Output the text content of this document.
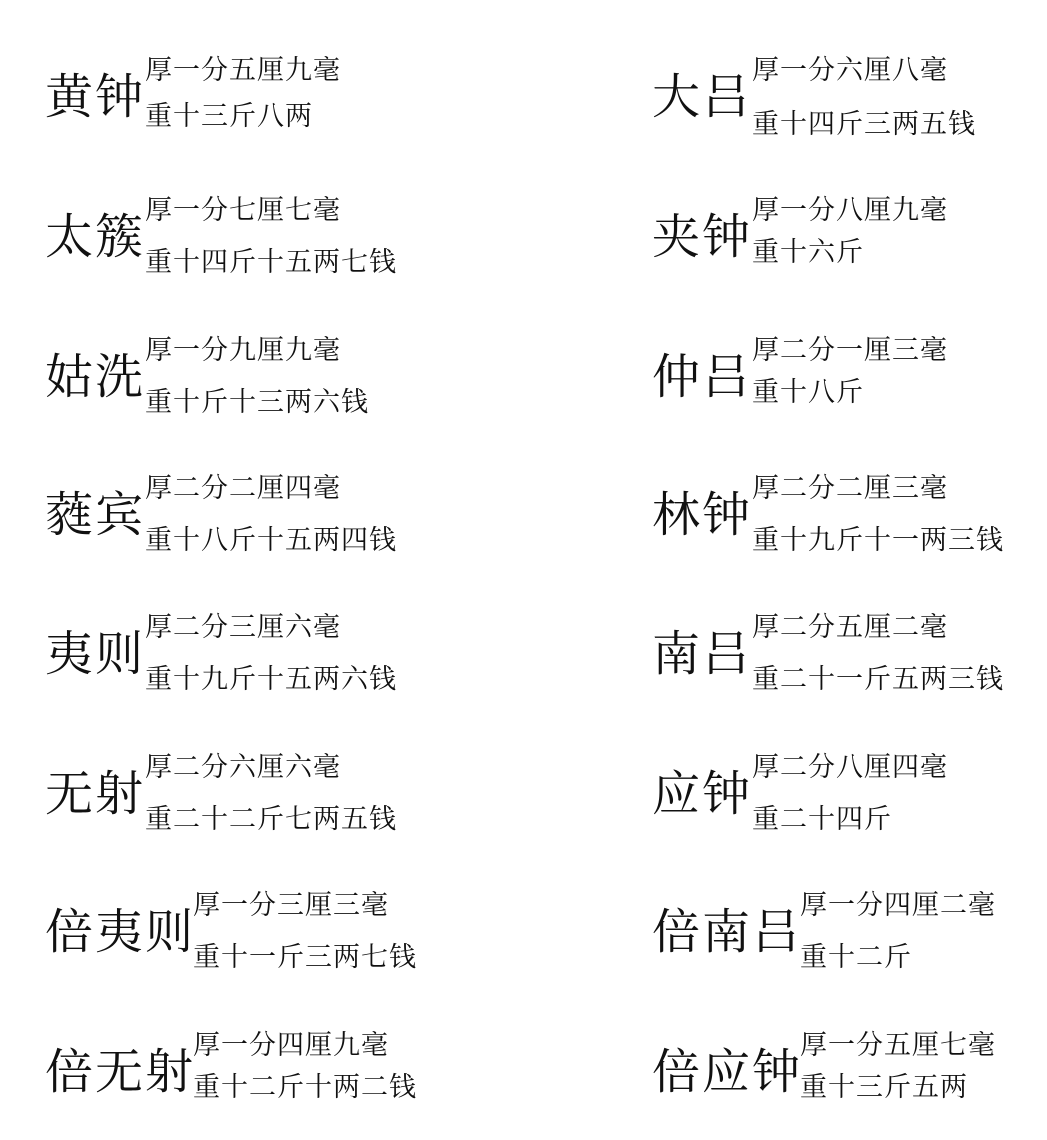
黄钟 厚一分五厘九毫
重十三斤八两
太簇 厚一分七厘七毫
重十四斤十五两七钱
姑洗 厚一分九厘九毫
重十斤十三两六钱
蕤宾 厚二分二厘四毫
重十八斤十五两四钱
夷则 厚二分三厘六毫
重十九斤十五两六钱
无射 厚二分六厘六毫
重二十二斤七两五钱
倍夷则
厚一分三厘三毫
重十一斤三两七钱
倍无射
厚一分四厘九毫
重十二斤十两二钱
大吕 厚一分六厘八毫
重十四斤三两五钱
夹钟 厚一分八厘九毫
重十六斤
仲吕 厚二分一厘三毫
重十八斤
林钟 厚二分二厘三毫
重十九斤十一两三钱
南吕 厚二分五厘二毫
重二十一斤五两三钱
应钟 厚二分八厘四毫
重二十四斤
倍南吕
厚一分四厘二毫
重十二斤
倍应钟
厚一分五厘七毫
重十三斤五两
